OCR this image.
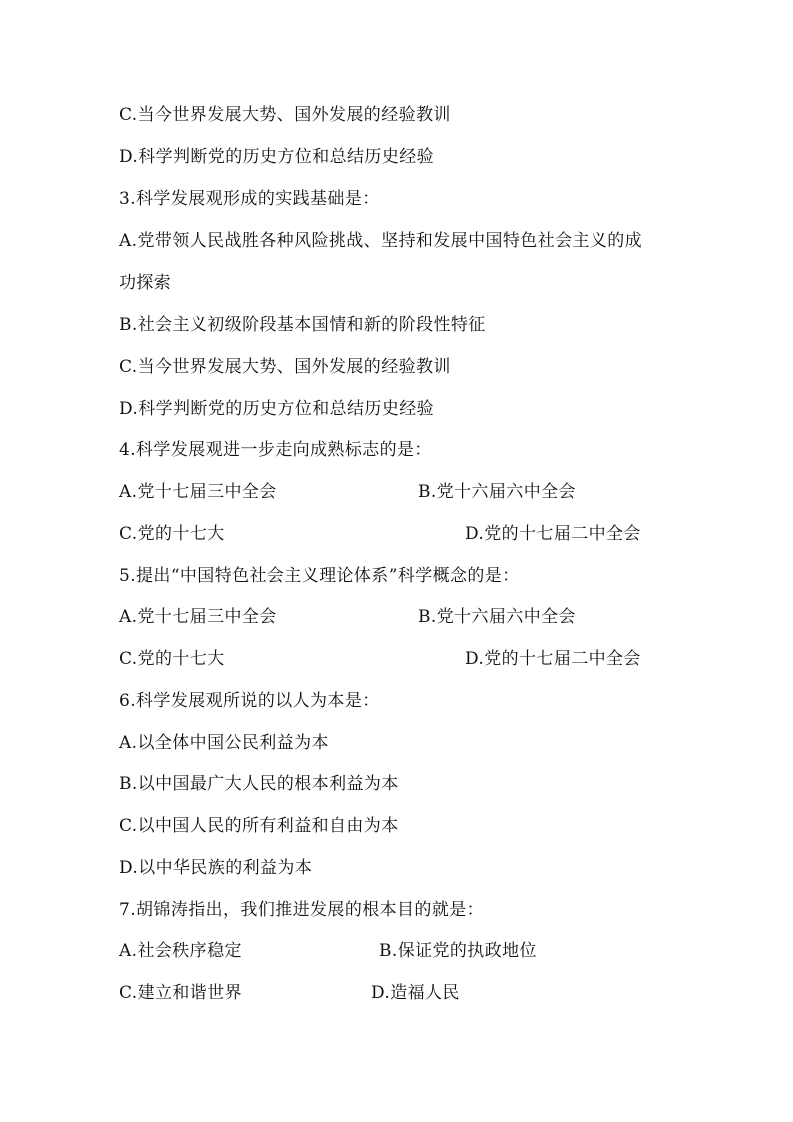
C.当今世界发展大势、国外发展的经验教训
D.科学判断党的历史方位和总结历史经验
3.科学发展观形成的实践基础是：
A.党带领人民战胜各种风险挑战、坚持和发展中国特色社会主义的成
功探索
B.社会主义初级阶段基本国情和新的阶段性特征
C.当今世界发展大势、国外发展的经验教训
D.科学判断党的历史方位和总结历史经验
4.科学发展观进一步走向成熟标志的是：
A.党十七届三中全会	B.党十六届六中全会
C.党的十七大	D.党的十七届二中全会
5.提出“中国特色社会主义理论体系”科学概念的是：
A.党十七届三中全会	B.党十六届六中全会
C.党的十七大	D.党的十七届二中全会
6.科学发展观所说的以人为本是：
A.以全体中国公民利益为本
B.以中国最广大人民的根本利益为本
C.以中国人民的所有利益和自由为本
D.以中华民族的利益为本
7.胡锦涛指出，我们推进发展的根本目的就是：
A.社会秩序稳定	B.保证党的执政地位
C.建立和谐世界	D.造福人民
